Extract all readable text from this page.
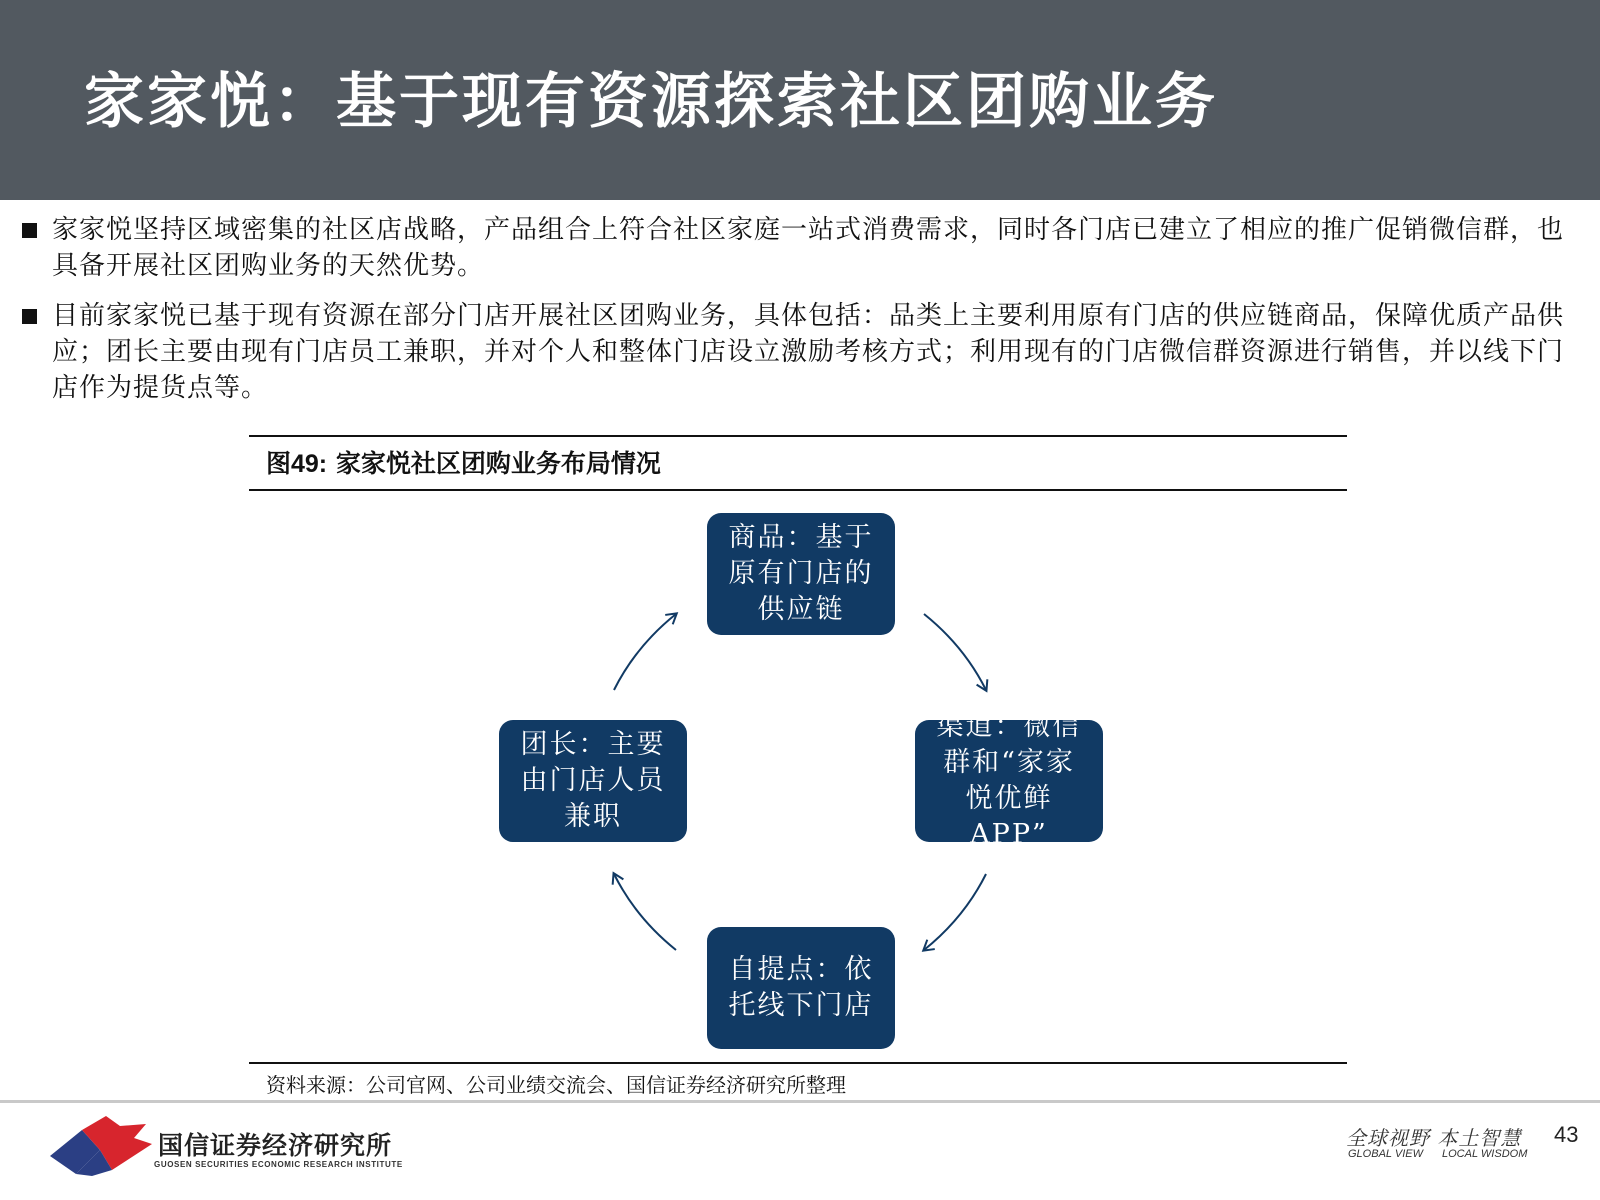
家家悦：基于现有资源探索社区团购业务
家家悦坚持区域密集的社区店战略，产品组合上符合社区家庭一站式消费需求，同时各门店已建立了相应的推广促销微信群，也具备开展社区团购业务的天然优势。
目前家家悦已基于现有资源在部分门店开展社区团购业务，具体包括：品类上主要利用原有门店的供应链商品，保障优质产品供应；团长主要由现有门店员工兼职，并对个人和整体门店设立激励考核方式；利用现有的门店微信群资源进行销售，并以线下门店作为提货点等。
图49: 家家悦社区团购业务布局情况
商品：基于原有门店的供应链
渠道：微信群和“家家悦优鲜APP”
自提点：依托线下门店
团长：主要由门店人员兼职
资料来源：公司官网、公司业绩交流会、国信证券经济研究所整理
国信证券经济研究所
GUOSEN SECURITIES ECONOMIC RESEARCH INSTITUTE
全球视野 本土智慧
GLOBAL VIEW LOCAL WISDOM
43
